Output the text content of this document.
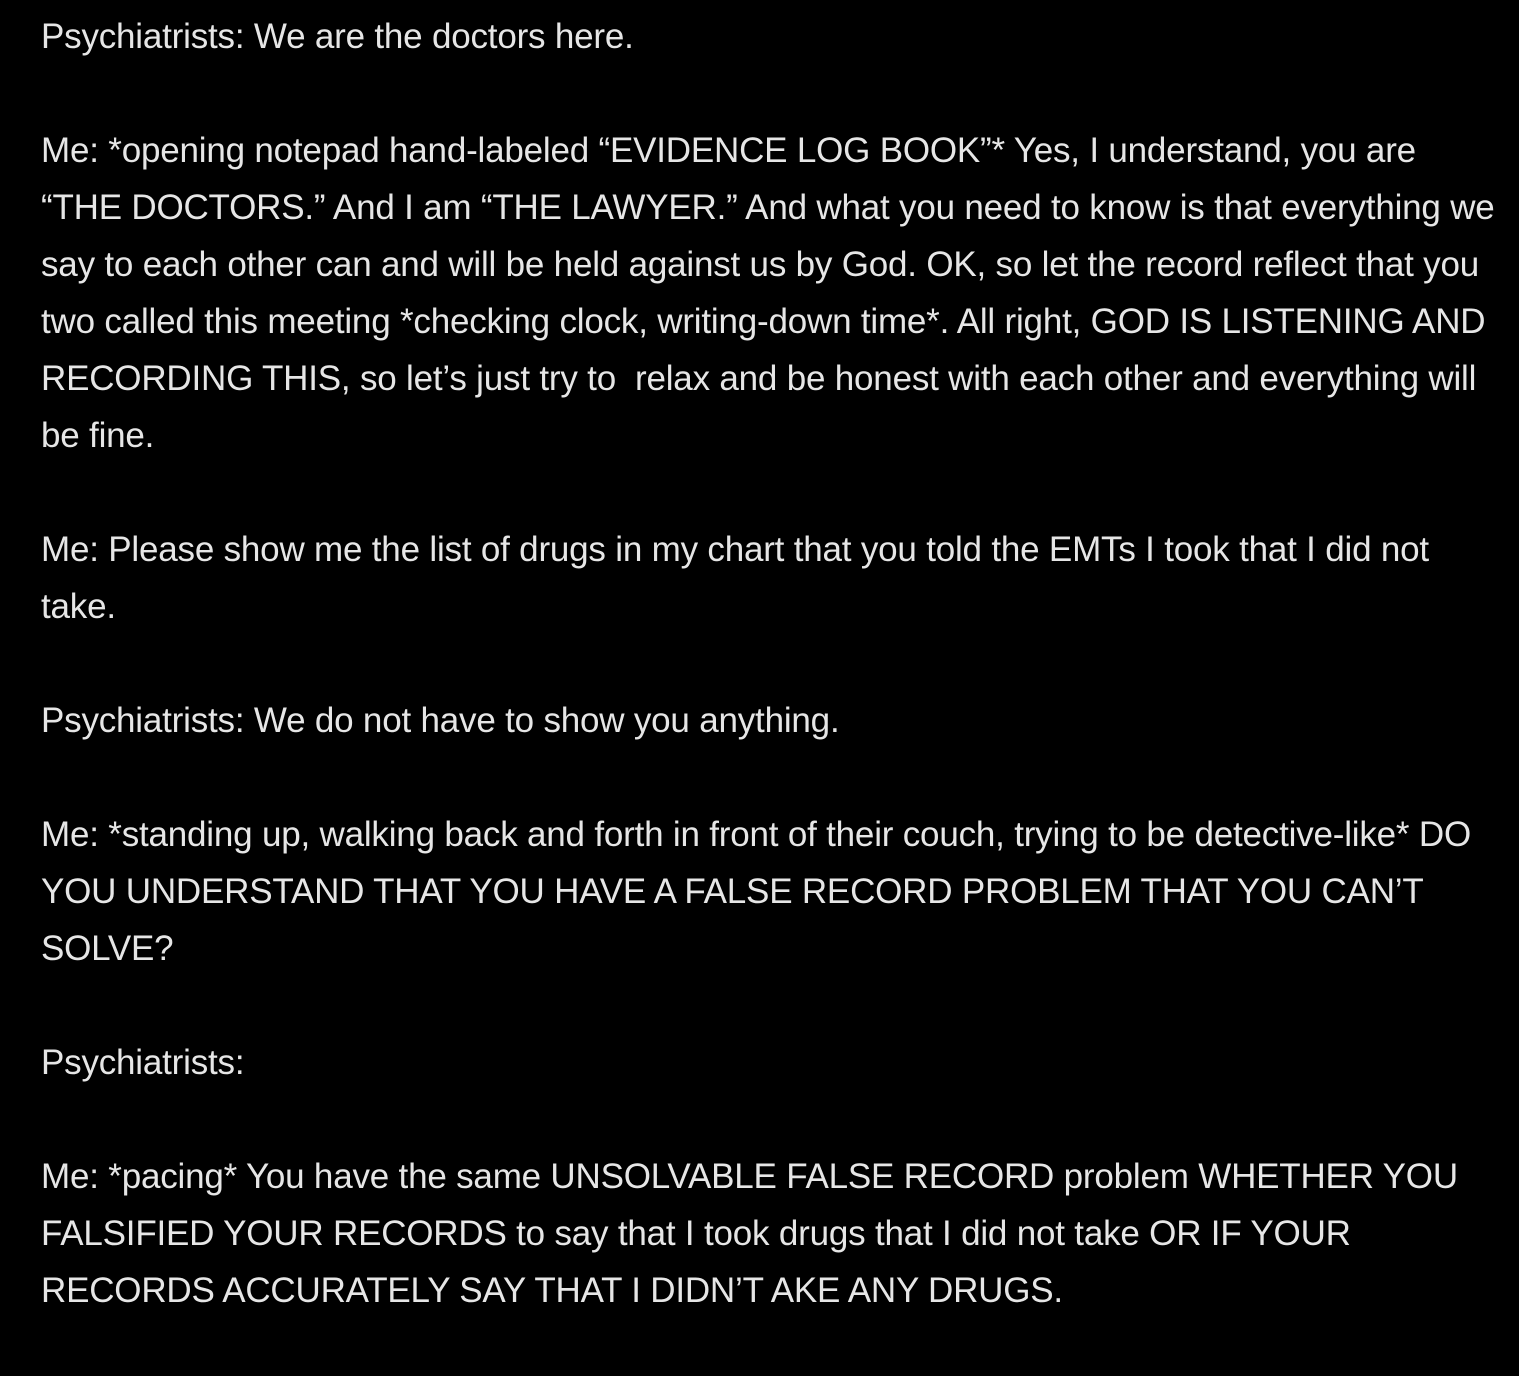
Psychiatrists: We are the doctors here.

Me: *opening notepad hand-labeled “EVIDENCE LOG BOOK”* Yes, I understand, you are “THE DOCTORS.” And I am “THE LAWYER.” And what you need to know is that everything we say to each other can and will be held against us by God. OK, so let the record reflect that you two called this meeting *checking clock, writing-down time*. All right, GOD IS LISTENING AND RECORDING THIS, so let’s just try to  relax and be honest with each other and everything will be fine.

Me: Please show me the list of drugs in my chart that you told the EMTs I took that I did not take.

Psychiatrists: We do not have to show you anything.

Me: *standing up, walking back and forth in front of their couch, trying to be detective-like* DO YOU UNDERSTAND THAT YOU HAVE A FALSE RECORD PROBLEM THAT YOU CAN’T SOLVE?

Psychiatrists:

Me: *pacing* You have the same UNSOLVABLE FALSE RECORD problem WHETHER YOU FALSIFIED YOUR RECORDS to say that I took drugs that I did not take OR IF YOUR RECORDS ACCURATELY SAY THAT I DIDN’T AKE ANY DRUGS.
